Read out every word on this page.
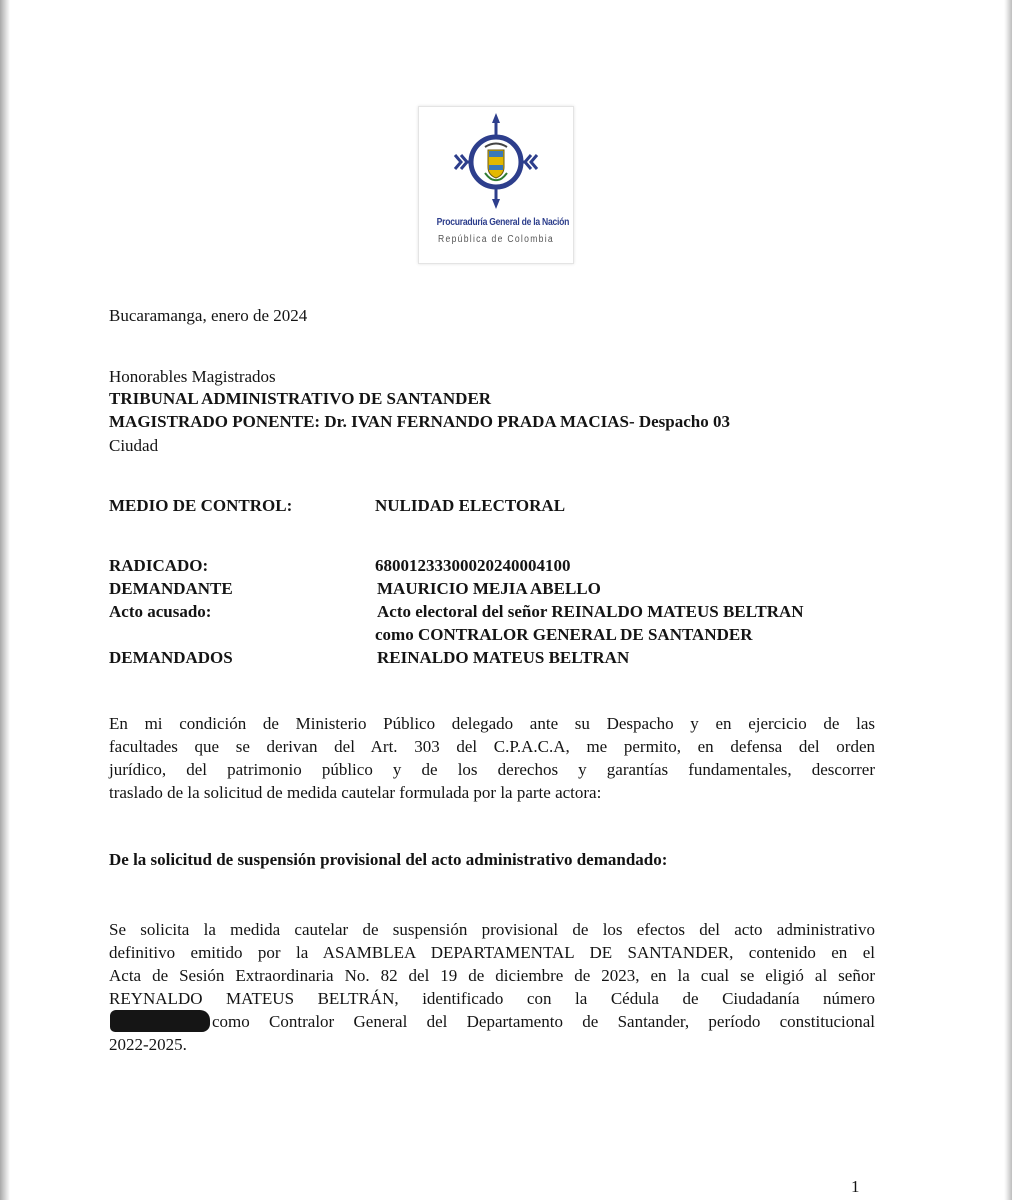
Procuraduría General de la Nación
República de Colombia
Bucaramanga, enero de 2024
Honorables Magistrados
TRIBUNAL ADMINISTRATIVO DE SANTANDER
MAGISTRADO PONENTE: Dr. IVAN FERNANDO PRADA MACIAS- Despacho 03
Ciudad
MEDIO DE CONTROL:	NULIDAD ELECTORAL
RADICADO:	68001233300020240004100
DEMANDANTE	MAURICIO MEJIA ABELLO
Acto acusado:	Acto electoral del señor REINALDO MATEUS BELTRAN
como CONTRALOR GENERAL DE SANTANDER
DEMANDADOS	REINALDO MATEUS BELTRAN
En mi condición de Ministerio Público delegado ante su Despacho y en ejercicio de las
facultades que se derivan del Art. 303 del C.P.A.C.A, me permito, en defensa del orden
jurídico, del patrimonio público y de los derechos y garantías fundamentales, descorrer
traslado de la solicitud de medida cautelar formulada por la parte actora:
De la solicitud de suspensión provisional del acto administrativo demandado:
Se solicita la medida cautelar de suspensión provisional de los efectos del acto administrativo
definitivo emitido por la ASAMBLEA DEPARTAMENTAL DE SANTANDER, contenido en el
Acta de Sesión Extraordinaria No. 82 del 19 de diciembre de 2023, en la cual se eligió al señor
REYNALDO MATEUS BELTRÁN, identificado con la Cédula de Ciudadanía número
como Contralor General del Departamento de Santander, período constitucional
2022-2025.
1
